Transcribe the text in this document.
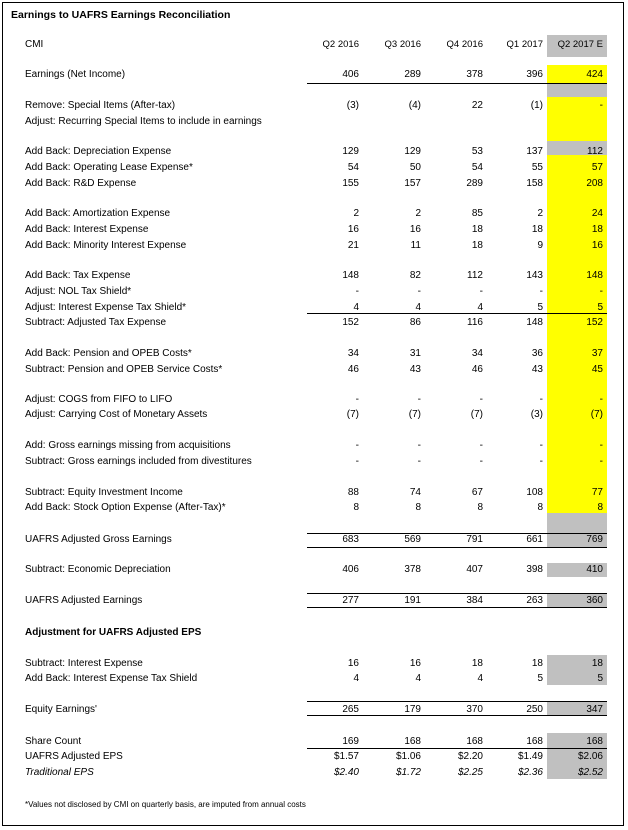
Earnings to UAFRS Earnings Reconciliation
CMI	Q2 2016	Q3 2016	Q4 2016	Q1 2017	Q2 2017 E
Earnings (Net Income)	406	289	378	396	424
Remove: Special Items (After-tax)	(3)	(4)	22	(1)	-
Adjust: Recurring Special Items to include in earnings
Add Back: Depreciation Expense	129	129	53	137	112
Add Back: Operating Lease Expense*	54	50	54	55	57
Add Back: R&D Expense	155	157	289	158	208
Add Back: Amortization Expense	2	2	85	2	24
Add Back: Interest Expense	16	16	18	18	18
Add Back: Minority Interest Expense	21	11	18	9	16
Add Back: Tax Expense	148	82	112	143	148
Adjust: NOL Tax Shield*	-	-	-	-	-
Adjust: Interest Expense Tax Shield*	4	4	4	5	5
Subtract: Adjusted Tax Expense	152	86	116	148	152
Add Back: Pension and OPEB Costs*	34	31	34	36	37
Subtract: Pension and OPEB Service Costs*	46	43	46	43	45
Adjust: COGS from FIFO to LIFO	-	-	-	-	-
Adjust: Carrying Cost of Monetary Assets	(7)	(7)	(7)	(3)	(7)
Add: Gross earnings missing from acquisitions	-	-	-	-	-
Subtract: Gross earnings included from divestitures	-	-	-	-	-
Subtract: Equity Investment Income	88	74	67	108	77
Add Back: Stock Option Expense (After-Tax)*	8	8	8	8	8
UAFRS Adjusted Gross Earnings	683	569	791	661	769
Subtract: Economic Depreciation	406	378	407	398	410
UAFRS Adjusted Earnings	277	191	384	263	360
Adjustment for UAFRS Adjusted EPS
Subtract: Interest Expense	16	16	18	18	18
Add Back: Interest Expense Tax Shield	4	4	4	5	5
Equity Earnings'	265	179	370	250	347
Share Count	169	168	168	168	168
UAFRS Adjusted EPS	$1.57	$1.06	$2.20	$1.49	$2.06
Traditional EPS	$2.40	$1.72	$2.25	$2.36	$2.52
*Values not disclosed by CMI on quarterly basis, are imputed from annual costs
